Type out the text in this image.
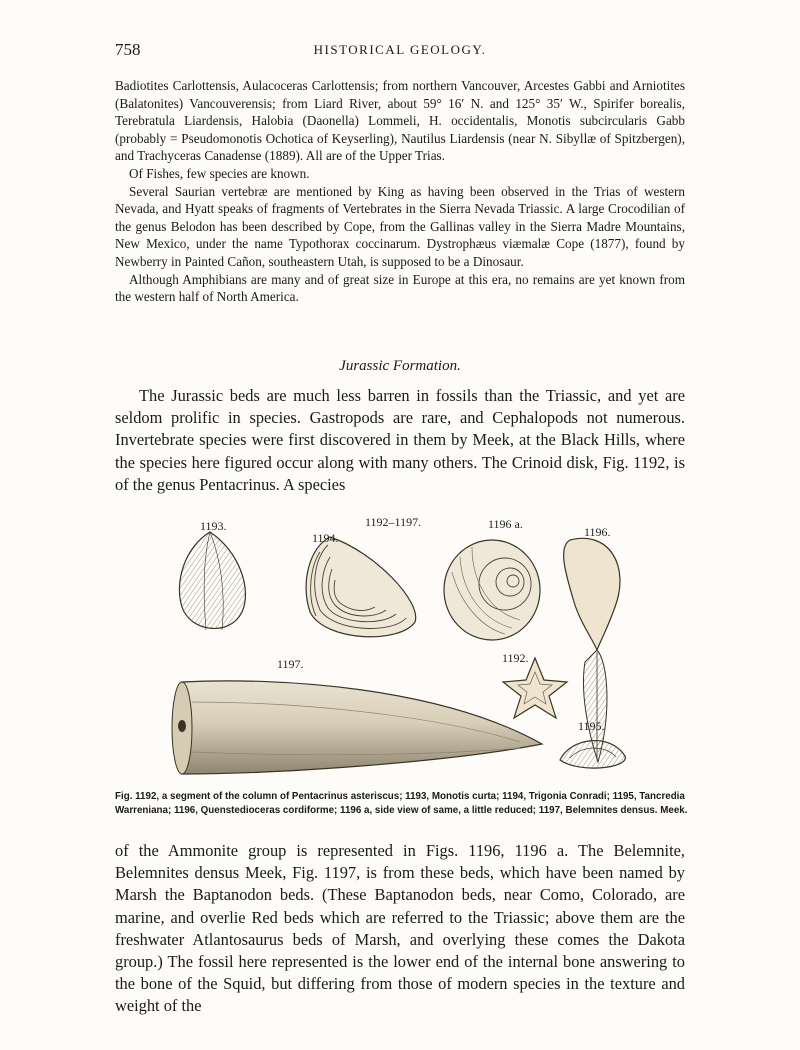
758	HISTORICAL GEOLOGY.

Badiotites Carlottensis, Aulacoceras Carlottensis; from northern Vancouver, Arcestes Gabbi and Arniotites (Balatonites) Vancouverensis; from Liard River, about 59° 16′ N. and 125° 35′ W., Spirifer borealis, Terebratula Liardensis, Halobia (Daonella) Lommeli, H. occidentalis, Monotis subcircularis Gabb (probably = Pseudomonotis Ochotica of Keyserling), Nautilus Liardensis (near N. Sibyllæ of Spitzbergen), and Trachyceras Canadense (1889). All are of the Upper Trias.

Of Fishes, few species are known.

Several Saurian vertebræ are mentioned by King as having been observed in the Trias of western Nevada, and Hyatt speaks of fragments of Vertebrates in the Sierra Nevada Triassic. A large Crocodilian of the genus Belodon has been described by Cope, from the Gallinas valley in the Sierra Madre Mountains, New Mexico, under the name Typothorax coccinarum. Dystrophæus viæmalæ Cope (1877), found by Newberry in Painted Cañon, southeastern Utah, is supposed to be a Dinosaur.

Although Amphibians are many and of great size in Europe at this era, no remains are yet known from the western half of North America.

Jurassic Formation.

The Jurassic beds are much less barren in fossils than the Triassic, and yet are seldom prolific in species. Gastropods are rare, and Cephalopods not numerous. Invertebrate species were first discovered in them by Meek, at the Black Hills, where the species here figured occur along with many others. The Crinoid disk, Fig. 1192, is of the genus Pentacrinus. A species

1193.
1194.
1192–1197.	1196 a.
1196.
1197.	1192.
1195.

Fig. 1192, a segment of the column of Pentacrinus asteriscus; 1193, Monotis curta; 1194, Trigonia Conradi; 1195, Tancredia Warreniana; 1196, Quenstedioceras cordiforme; 1196 a, side view of same, a little reduced; 1197, Belemnites densus. Meek.

of the Ammonite group is represented in Figs. 1196, 1196 a. The Belemnite, Belemnites densus Meek, Fig. 1197, is from these beds, which have been named by Marsh the Baptanodon beds. (These Baptanodon beds, near Como, Colorado, are marine, and overlie Red beds which are referred to the Triassic; above them are the freshwater Atlantosaurus beds of Marsh, and overlying these comes the Dakota group.) The fossil here represented is the lower end of the internal bone answering to the bone of the Squid, but differing from those of modern species in the texture and weight of the
